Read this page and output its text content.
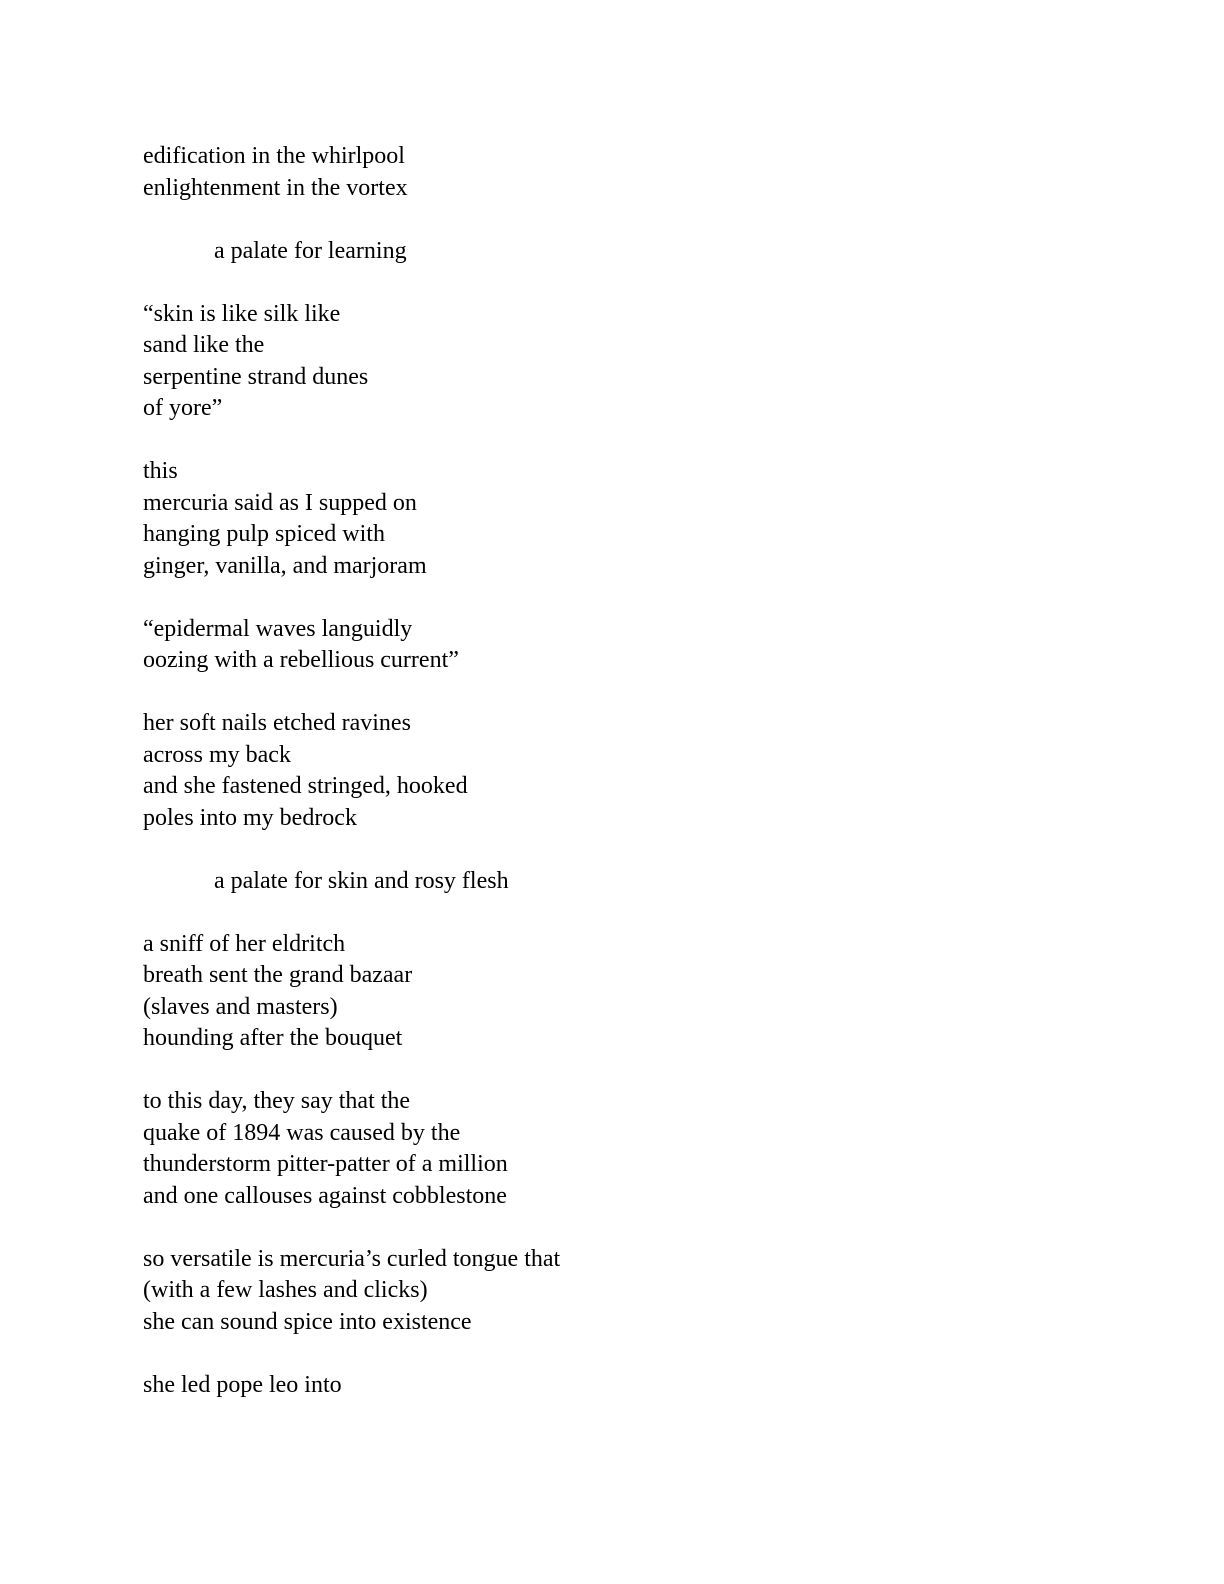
edification in the whirlpool
enlightenment in the vortex
a palate for learning
“skin is like silk like
sand like the
serpentine strand dunes
of yore”
this
mercuria said as I supped on
hanging pulp spiced with
ginger, vanilla, and marjoram
“epidermal waves languidly
oozing with a rebellious current”
her soft nails etched ravines
across my back
and she fastened stringed, hooked
poles into my bedrock
a palate for skin and rosy flesh
a sniff of her eldritch
breath sent the grand bazaar
(slaves and masters)
hounding after the bouquet
to this day, they say that the
quake of 1894 was caused by the
thunderstorm pitter-patter of a million
and one callouses against cobblestone
so versatile is mercuria’s curled tongue that
(with a few lashes and clicks)
she can sound spice into existence
she led pope leo into
